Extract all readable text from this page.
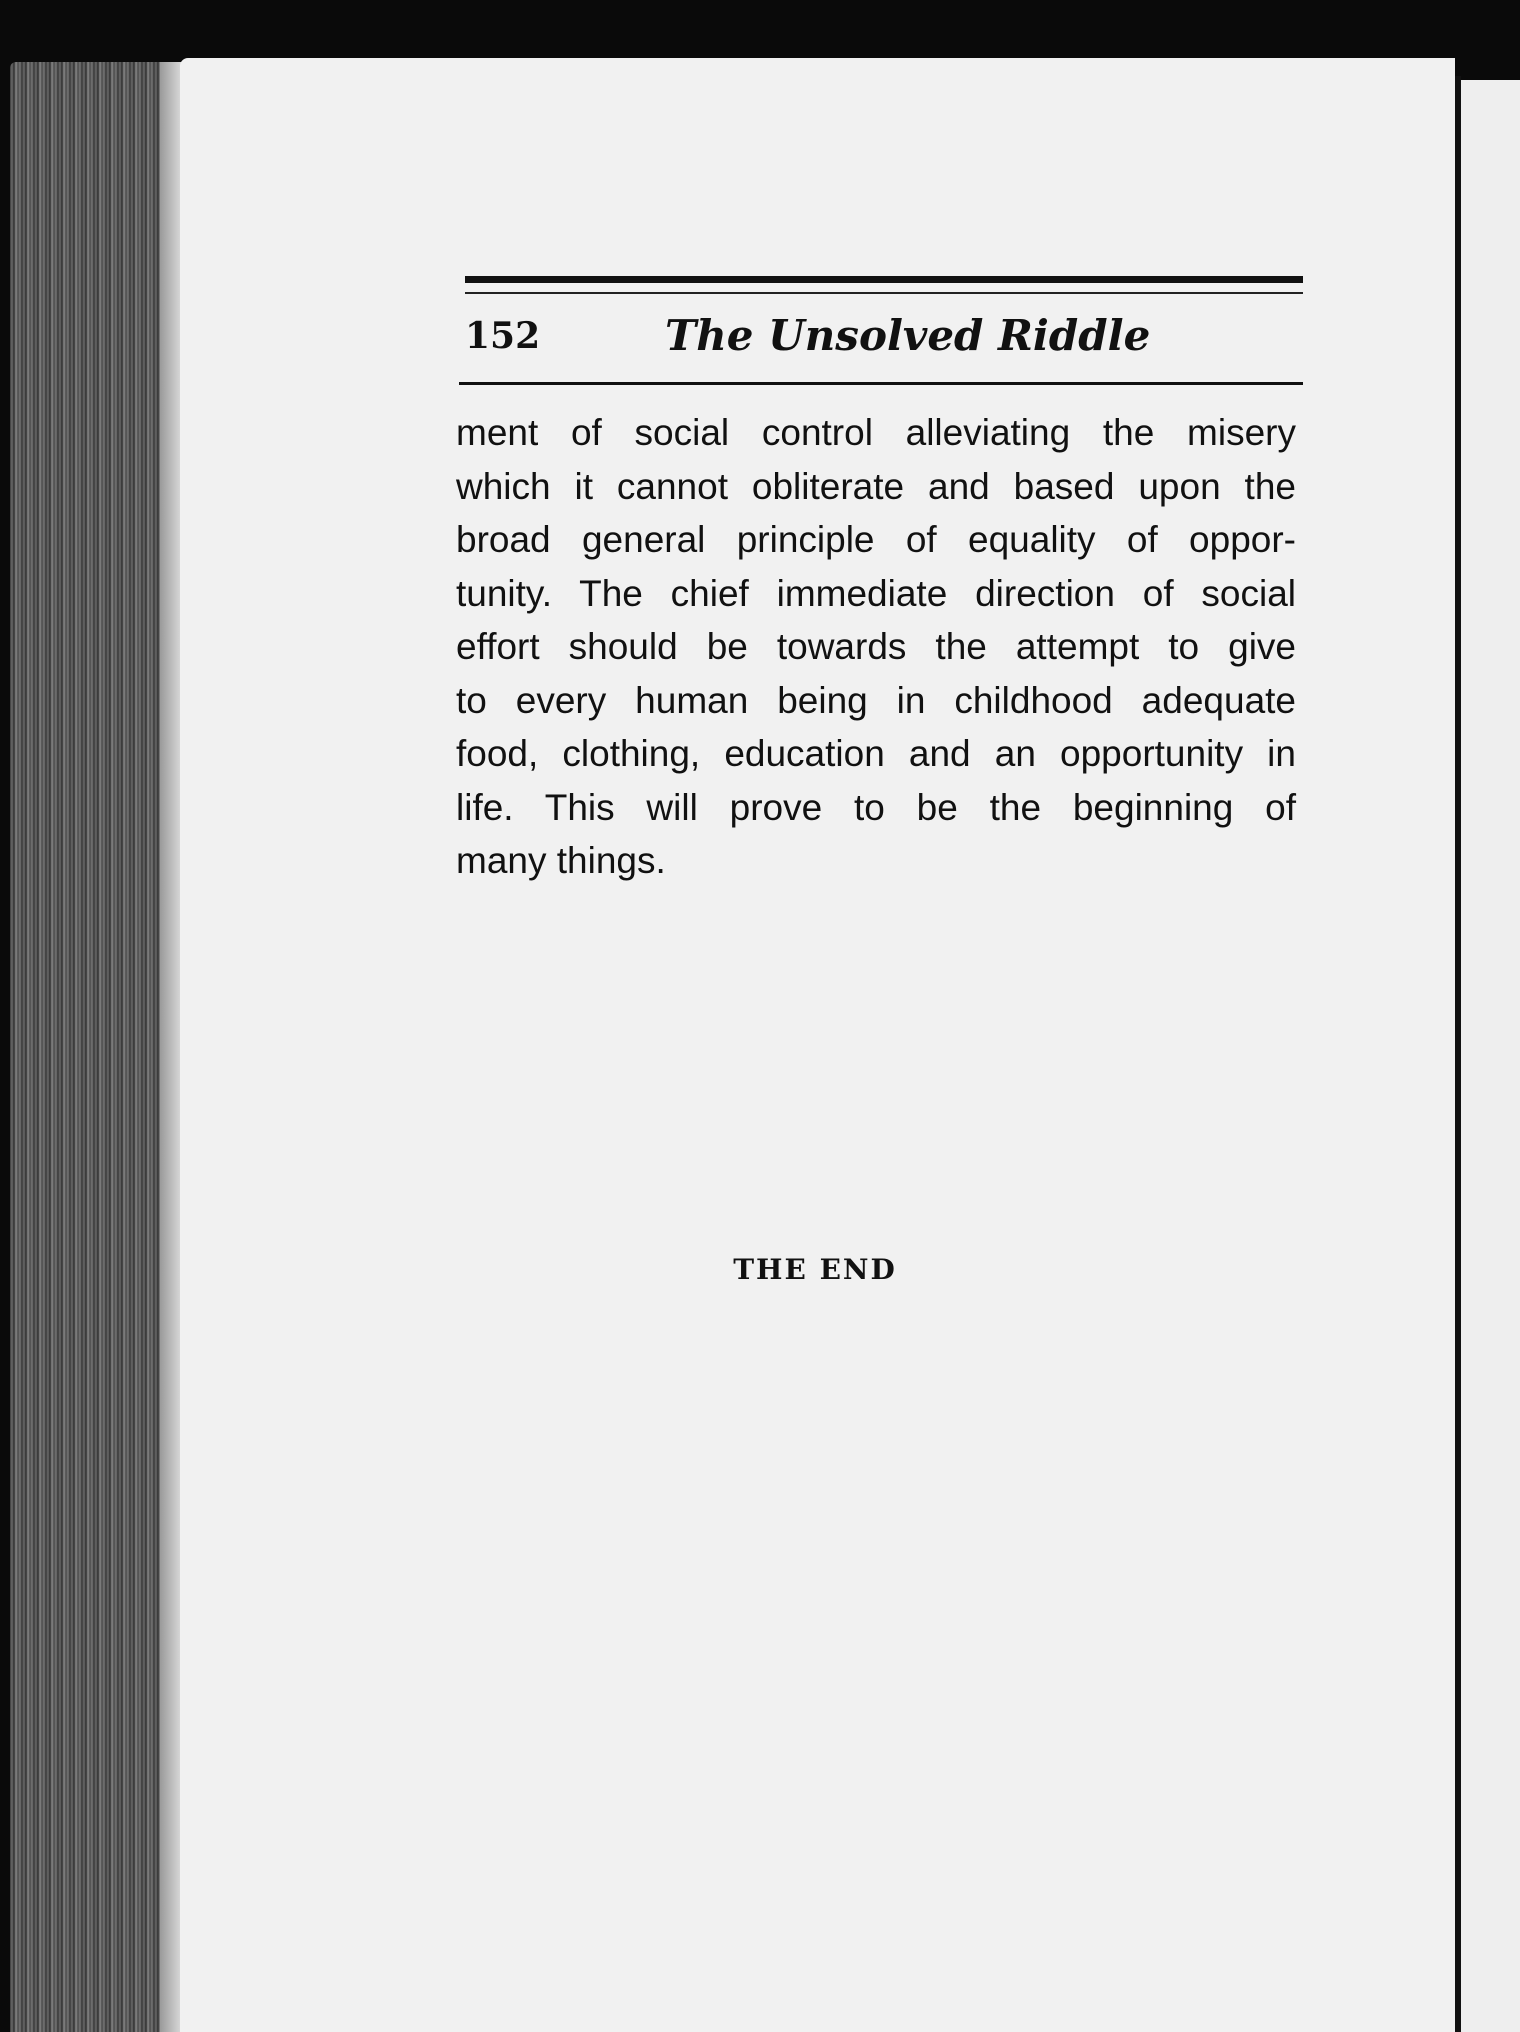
152	The Unsolved Riddle
ment of social control alleviating the misery
which it cannot obliterate and based upon the
broad general principle of equality of oppor-
tunity. The chief immediate direction of social
effort should be towards the attempt to give
to every human being in childhood adequate
food, clothing, education and an opportunity in
life. This will prove to be the beginning of
many things.
THE END
